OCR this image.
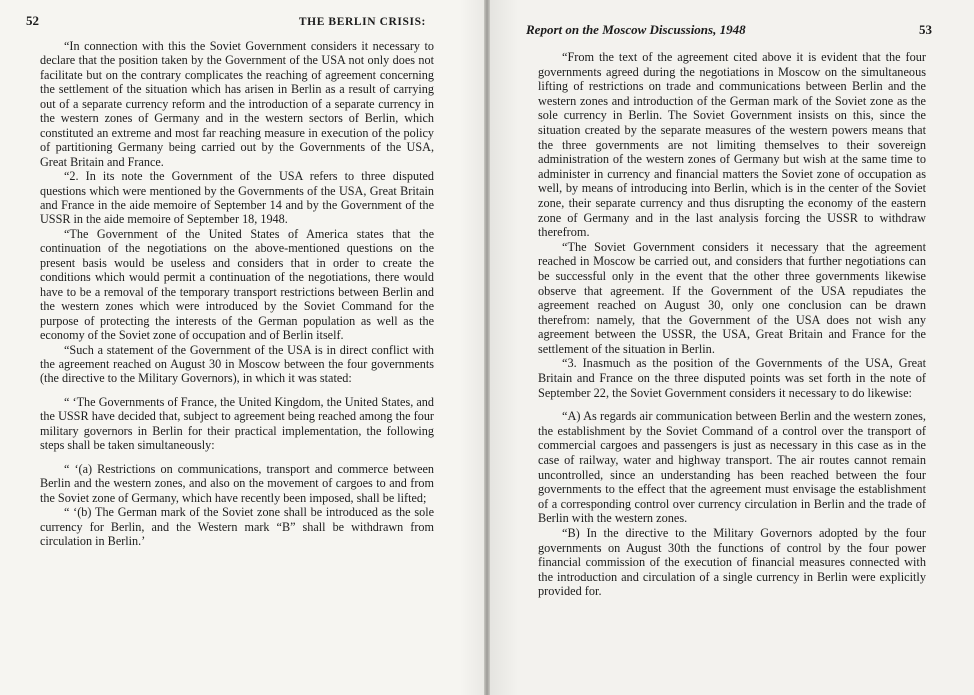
52	THE BERLIN CRISIS:

“In connection with this the Soviet Government considers it necessary to declare that the position taken by the Government of the USA not only does not facilitate but on the contrary complicates the reaching of agreement concerning the settlement of the situation which has arisen in Berlin as a result of carrying out of a separate currency reform and the introduction of a separate currency in the western zones of Germany and in the western sectors of Berlin, which constituted an extreme and most far reaching measure in execution of the policy of partitioning Germany being carried out by the Governments of the USA, Great Britain and France.

“2. In its note the Government of the USA refers to three disputed questions which were mentioned by the Governments of the USA, Great Britain and France in the aide memoire of September 14 and by the Government of the USSR in the aide memoire of September 18, 1948.

“The Government of the United States of America states that the continuation of the negotiations on the above-mentioned questions on the present basis would be useless and considers that in order to create the conditions which would permit a continuation of the negotiations, there would have to be a removal of the temporary transport restrictions between Berlin and the western zones which were introduced by the Soviet Command for the purpose of protecting the interests of the German population as well as the economy of the Soviet zone of occupation and of Berlin itself.

“Such a statement of the Government of the USA is in direct conflict with the agreement reached on August 30 in Moscow between the four governments (the directive to the Military Governors), in which it was stated:

“ ‘The Governments of France, the United Kingdom, the United States, and the USSR have decided that, subject to agreement being reached among the four military governors in Berlin for their practical implementation, the following steps shall be taken simultaneously:

“ ‘(a) Restrictions on communications, transport and commerce between Berlin and the western zones, and also on the movement of cargoes to and from the Soviet zone of Germany, which have recently been imposed, shall be lifted;

“ ‘(b) The German mark of the Soviet zone shall be introduced as the sole currency for Berlin, and the Western mark “B” shall be withdrawn from circulation in Berlin.’

Report on the Moscow Discussions, 1948	53

“From the text of the agreement cited above it is evident that the four governments agreed during the negotiations in Moscow on the simultaneous lifting of restrictions on trade and communications between Berlin and the western zones and introduction of the German mark of the Soviet zone as the sole currency in Berlin. The Soviet Government insists on this, since the situation created by the separate measures of the western powers means that the three governments are not limiting themselves to their sovereign administration of the western zones of Germany but wish at the same time to administer in currency and financial matters the Soviet zone of occupation as well, by means of introducing into Berlin, which is in the center of the Soviet zone, their separate currency and thus disrupting the economy of the eastern zone of Germany and in the last analysis forcing the USSR to withdraw therefrom.

“The Soviet Government considers it necessary that the agreement reached in Moscow be carried out, and considers that further negotiations can be successful only in the event that the other three governments likewise observe that agreement. If the Government of the USA repudiates the agreement reached on August 30, only one conclusion can be drawn therefrom: namely, that the Government of the USA does not wish any agreement between the USSR, the USA, Great Britain and France for the settlement of the situation in Berlin.

“3. Inasmuch as the position of the Governments of the USA, Great Britain and France on the three disputed points was set forth in the note of September 22, the Soviet Government considers it necessary to do likewise:

“A) As regards air communication between Berlin and the western zones, the establishment by the Soviet Command of a control over the transport of commercial cargoes and passengers is just as necessary in this case as in the case of railway, water and highway transport. The air routes cannot remain uncontrolled, since an understanding has been reached between the four governments to the effect that the agreement must envisage the establishment of a corresponding control over currency circulation in Berlin and the trade of Berlin with the western zones.

“B) In the directive to the Military Governors adopted by the four governments on August 30th the functions of control by the four power financial commission of the execution of financial measures connected with the introduction and circulation of a single currency in Berlin were explicitly provided for.
